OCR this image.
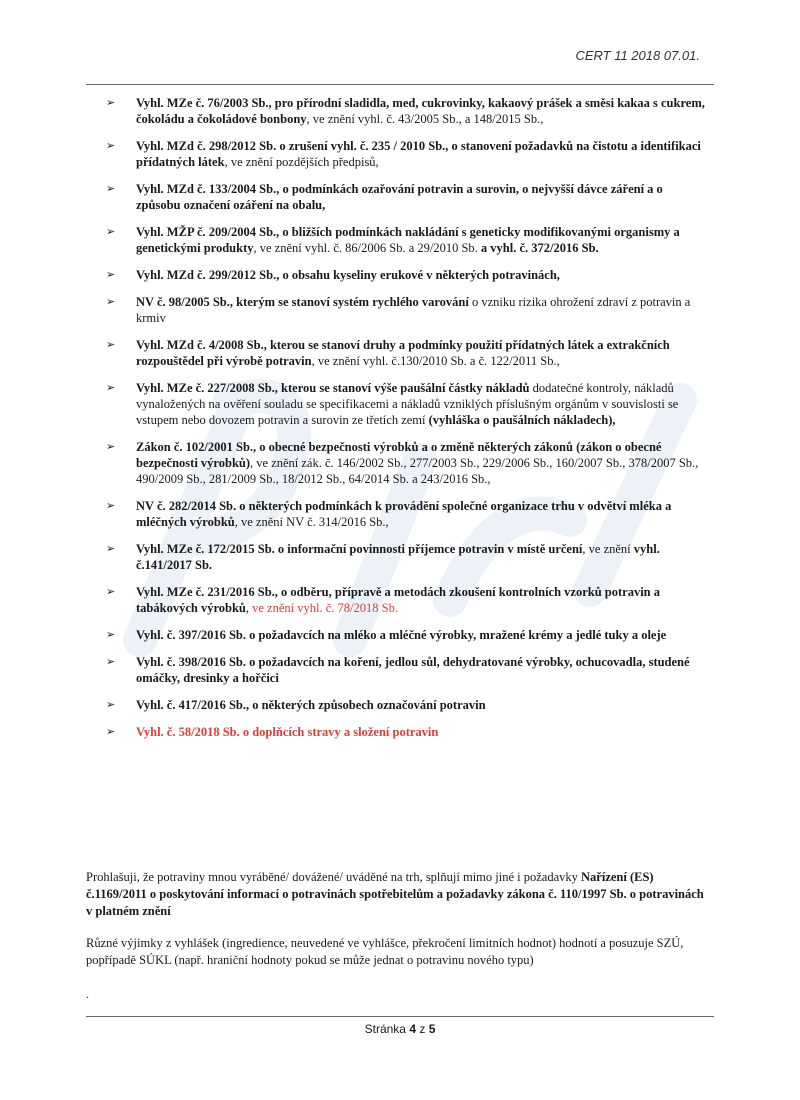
CERT 11 2018 07.01.
➢ Vyhl. MZe č. 76/2003 Sb., pro přírodní sladidla, med, cukrovinky, kakaový prášek a směsi kakaa s cukrem, čokoládu a čokoládové bonbony, ve znění vyhl. č. 43/2005 Sb., a 148/2015 Sb.,
➢ Vyhl. MZd č. 298/2012 Sb. o zrušení vyhl. č. 235 / 2010 Sb., o stanovení požadavků na čistotu a identifikaci přídatných látek, ve znění pozdějších předpisů,
➢ Vyhl. MZd č. 133/2004 Sb., o podmínkách ozařování potravin a surovin, o nejvyšší dávce záření a o způsobu označení ozáření na obalu,
➢ Vyhl. MŽP č. 209/2004 Sb., o bližších podmínkách nakládání s geneticky modifikovanými organismy a genetickými produkty, ve znění vyhl. č. 86/2006 Sb. a 29/2010 Sb. a vyhl. č. 372/2016 Sb.
➢ Vyhl. MZd č. 299/2012 Sb., o obsahu kyseliny erukové v některých potravinách,
➢ NV č. 98/2005 Sb., kterým se stanoví systém rychlého varování o vzniku rizika ohrožení zdraví z potravin a krmiv
➢ Vyhl. MZd č. 4/2008 Sb., kterou se stanoví druhy a podmínky použití přídatných látek a extrakčních rozpouštědel při výrobě potravin, ve znění vyhl. č.130/2010 Sb. a č. 122/2011 Sb.,
➢ Vyhl. MZe č. 227/2008 Sb., kterou se stanoví výše paušální částky nákladů dodatečné kontroly, nákladů vynaložených na ověření souladu se specifikacemi a nákladů vzniklých příslušným orgánům v souvislosti se vstupem nebo dovozem potravin a surovin ze třetích zemí (vyhláška o paušálních nákladech),
➢ Zákon č. 102/2001 Sb., o obecné bezpečnosti výrobků a o změně některých zákonů (zákon o obecné bezpečnosti výrobků), ve znění zák. č. 146/2002 Sb., 277/2003 Sb., 229/2006 Sb., 160/2007 Sb., 378/2007 Sb., 490/2009 Sb., 281/2009 Sb., 18/2012 Sb., 64/2014 Sb. a 243/2016 Sb.,
➢ NV č. 282/2014 Sb. o některých podmínkách k provádění společné organizace trhu v odvětví mléka a mléčných výrobků, ve znění NV č. 314/2016 Sb.,
➢ Vyhl. MZe č. 172/2015 Sb. o informační povinnosti příjemce potravin v místě určení, ve znění vyhl. č.141/2017 Sb.
➢ Vyhl. MZe č. 231/2016 Sb., o odběru, přípravě a metodách zkoušení kontrolních vzorků potravin a tabákových výrobků, ve znění vyhl. č. 78/2018 Sb.
➢ Vyhl. č. 397/2016 Sb. o požadavcích na mléko a mléčné výrobky, mražené krémy a jedlé tuky a oleje
➢ Vyhl. č. 398/2016 Sb. o požadavcích na koření, jedlou sůl, dehydratované výrobky, ochucovadla, studené omáčky, dresinky a hořčici
➢ Vyhl. č. 417/2016 Sb., o některých způsobech označování potravin
➢ Vyhl. č. 58/2018 Sb. o doplňcích stravy a složení potravin
Prohlašuji, že potraviny mnou vyráběné/ dovážené/ uváděné na trh, splňují mimo jiné i požadavky Nařízení (ES) č.1169/2011 o poskytování informací o potravinách spotřebitelům a požadavky zákona č. 110/1997 Sb. o potravinách v platném znění
Různé výjimky z vyhlášek (ingredience, neuvedené ve vyhlášce, překročení limitních hodnot) hodnotí a posuzuje SZÚ, popřípadě SÚKL (např. hraniční hodnoty pokud se může jednat o potravinu nového typu)
.
Stránka 4 z 5
